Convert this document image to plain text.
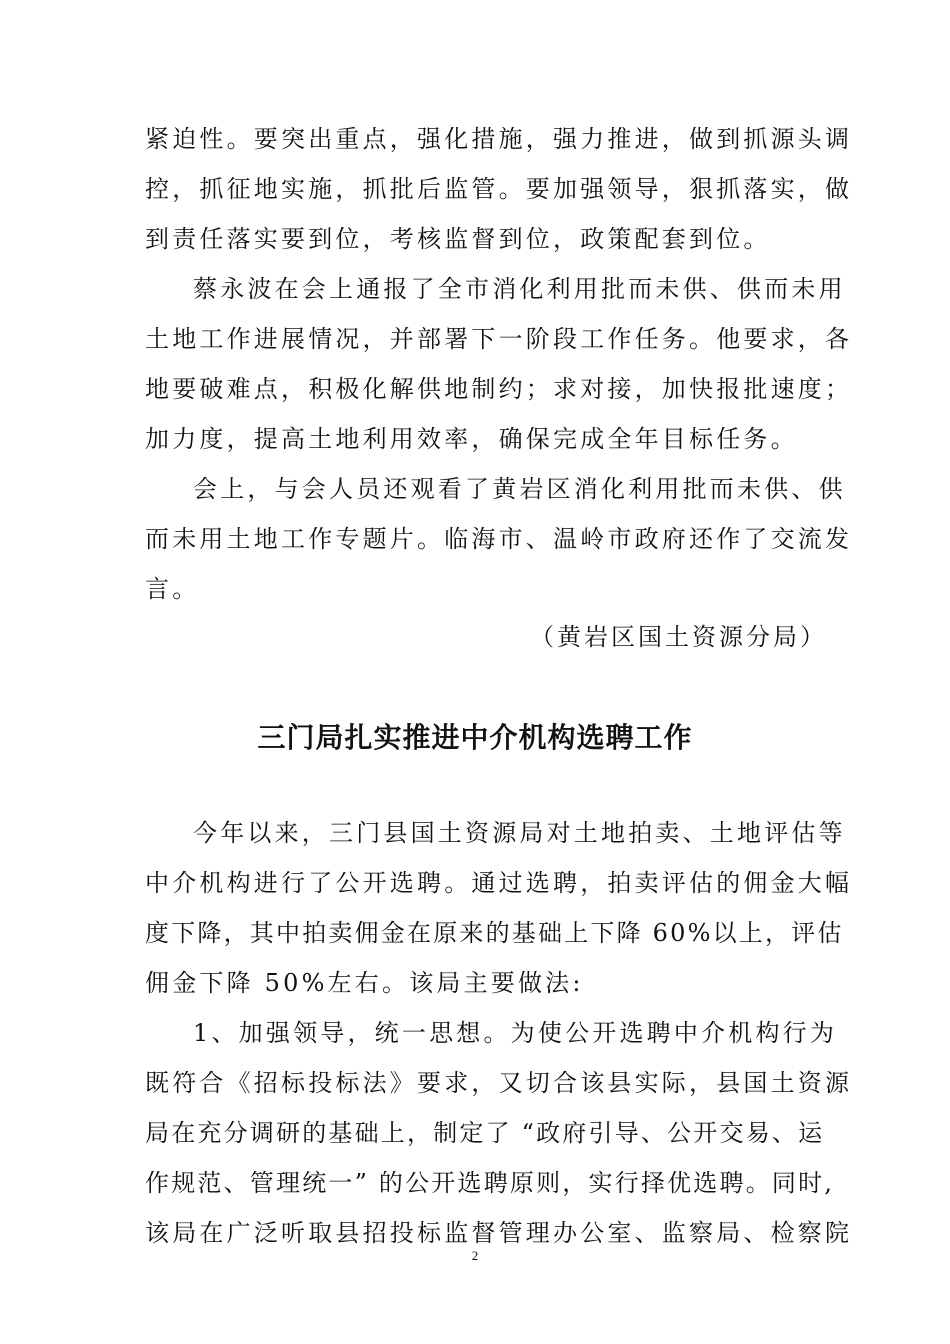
紧迫性。要突出重点，强化措施，强力推进，做到抓源头调
控，抓征地实施，抓批后监管。要加强领导，狠抓落实，做
到责任落实要到位，考核监督到位，政策配套到位。
蔡永波在会上通报了全市消化利用批而未供、供而未用
土地工作进展情况，并部署下一阶段工作任务。他要求，各
地要破难点，积极化解供地制约；求对接，加快报批速度；
加力度，提高土地利用效率，确保完成全年目标任务。
会上，与会人员还观看了黄岩区消化利用批而未供、供
而未用土地工作专题片。临海市、温岭市政府还作了交流发
言。
（黄岩区国土资源分局）
三门局扎实推进中介机构选聘工作
今年以来，三门县国土资源局对土地拍卖、土地评估等
中介机构进行了公开选聘。通过选聘，拍卖评估的佣金大幅
度下降，其中拍卖佣金在原来的基础上下降 60%以上，评估
佣金下降 50%左右。该局主要做法:
1、加强领导，统一思想。为使公开选聘中介机构行为
既符合《招标投标法》要求，又切合该县实际，县国土资源
局在充分调研的基础上，制定了 “政府引导、公开交易、运
作规范、管理统一” 的公开选聘原则，实行择优选聘。同时,
该局在广泛听取县招投标监督管理办公室、监察局、检察院
2
